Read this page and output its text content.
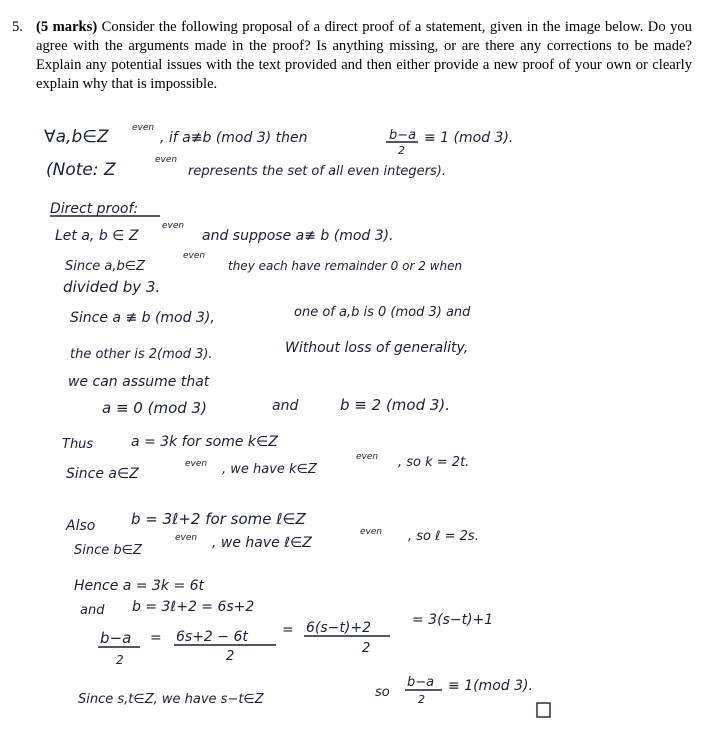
5. (5 marks) Consider the following proposal of a direct proof of a statement, given in the image below. Do you agree with the arguments made in the proof? Is anything missing, or are there any corrections to be made? Explain any potential issues with the text provided and then either provide a new proof of your own or clearly explain why that is impossible.
∀a,b∈Z	even
, if a≢b (mod 3) then	b−a
2
≡ 1 (mod 3).
(Note: Z	even
represents the set of all even integers).
Direct proof:
Let a, b ∈ Z
even
and suppose a≢ b (mod 3).
Since a,b∈Z
even
they each have remainder 0 or 2 when
divided by 3.
Since a ≢ b (mod 3),	one of a,b is 0 (mod 3) and
the other is 2(mod 3).	Without loss of generality,
we can assume that
a ≡ 0 (mod 3)	and	b ≡ 2 (mod 3).
Thus	a = 3k for some k∈Z
Since a∈Z
even , we have k∈Z
even , so k = 2t.
Also b = 3ℓ+2 for some ℓ∈Z
Since b∈Z
even , we have ℓ∈Z
even , so ℓ = 2s.
Hence a = 3k = 6t
and b = 3ℓ+2 = 6s+2
b−a
2
= 6s+2 − 6t
2
= 6(s−t)+2
2
= 3(s−t)+1
Since s,t∈Z, we have s−t∈Z	so
b−a
2
≡ 1(mod 3).
